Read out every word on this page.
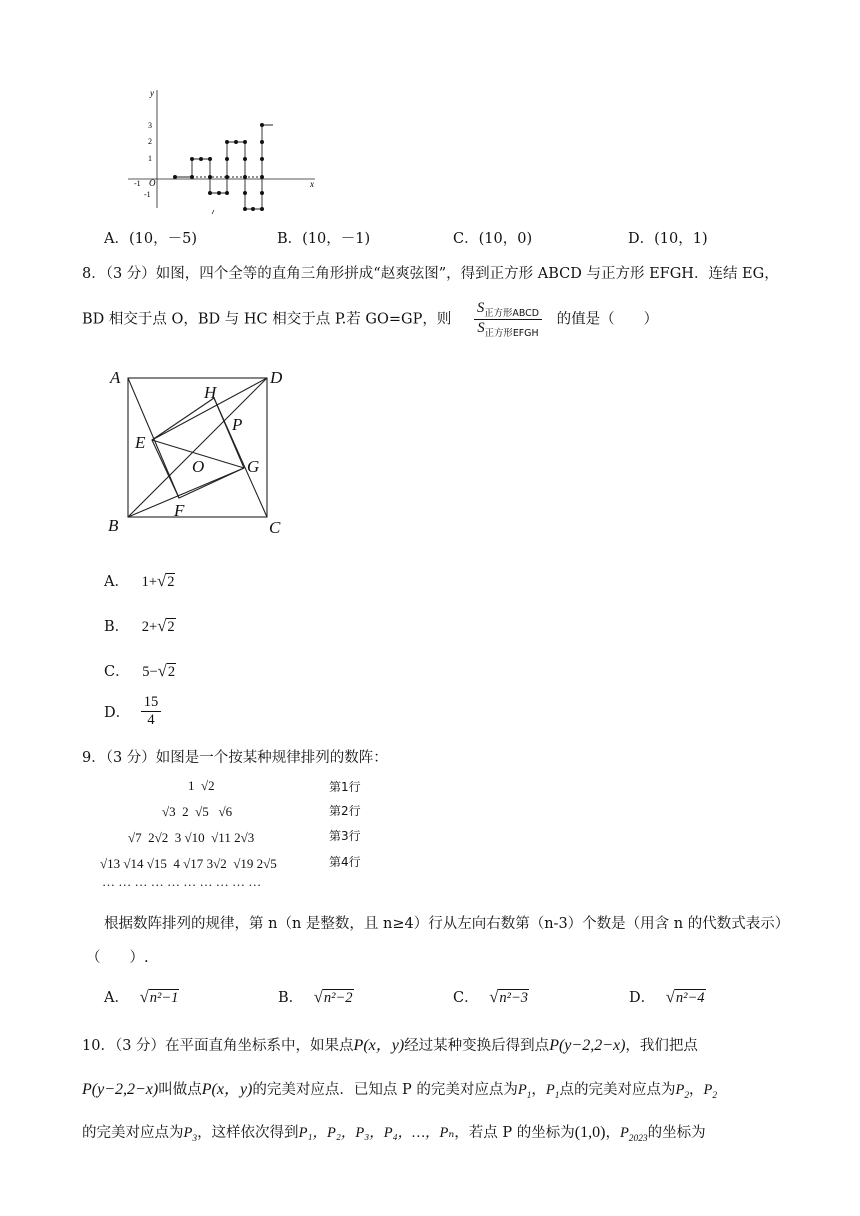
x
y
O
-1
3
2
1
-1
A．(10，－5)	B．(10，－1)	C．(10，0)	D．(10，1)
8．（3 分）如图，四个全等的直角三角形拼成“赵爽弦图”，得到正方形 ABCD 与正方形 EFGH．连结 EG，
BD 相交于点 O，BD 与 HC 相交于点 P.若 GO=GP，则 $\frac{S_{正方形ABCD}}{S_{正方形EFGH}}$ 的值是（　　）
A
B	C
D
E
F
G
H
O
P
A． 1+√2
B． 2+√2
C． 5−√2
D． $\frac{15}{4}$
9．（3 分）如图是一个按某种规律排列的数阵：
1 √2
√3 2 √5 √6
√7 2√2 3 √10 √11 2√3
√13 √14 √15 4 √17 3√2 √19 2√5
… … … … … … … … … …
第1行
第2行
第3行
第4行
根据数阵排列的规律，第 n（n 是整数，且 n≥4）行从左向右数第（n-3）个数是（用含 n 的代数式表示）
（　　）.
A． √n²−1	B． √n²−2	C． √n²−3	D． √n²−4
10．（3 分）在平面直角坐标系中，如果点P(x，y)经过某种变换后得到点P(y−2,2−x)，我们把点
P(y−2,2−x)叫做点P(x，y)的完美对应点．已知点 P 的完美对应点为$P_1$，$P_1$点的完美对应点为$P_2$，$P_2$
的完美对应点为$P_3$，这样依次得到P₁，P₂，P₃，P₄，…，Pₙ，若点 P 的坐标为(1,0)，$P_{2023}$的坐标为
